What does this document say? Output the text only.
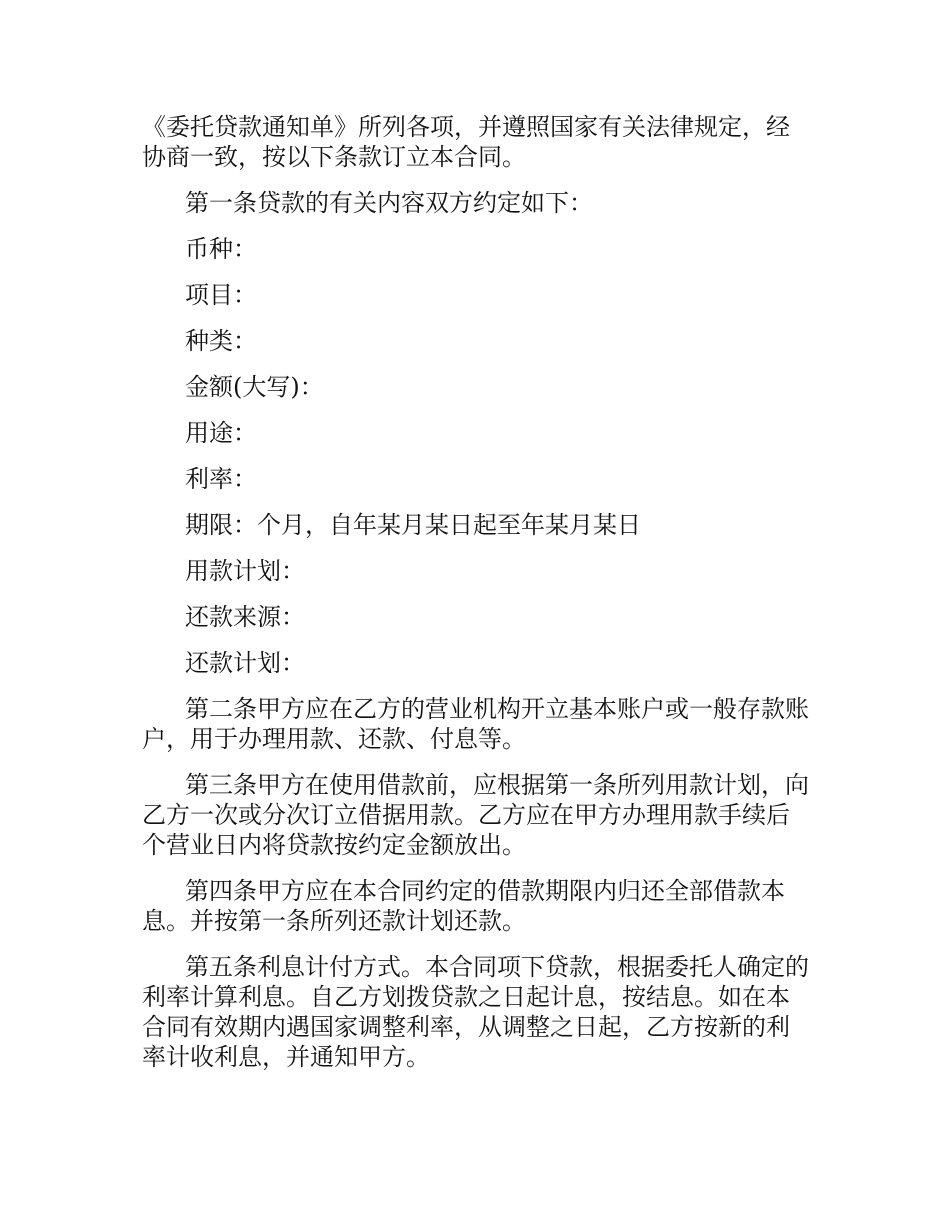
《委托贷款通知单》所列各项，并遵照国家有关法律规定，经协商一致，按以下条款订立本合同。

第一条贷款的有关内容双方约定如下：

币种：

项目：

种类：

金额(大写)：

用途：

利率：

期限：个月，自年某月某日起至年某月某日

用款计划：

还款来源：

还款计划：

第二条甲方应在乙方的营业机构开立基本账户或一般存款账户，用于办理用款、还款、付息等。

第三条甲方在使用借款前，应根据第一条所列用款计划，向乙方一次或分次订立借据用款。乙方应在甲方办理用款手续后个营业日内将贷款按约定金额放出。

第四条甲方应在本合同约定的借款期限内归还全部借款本息。并按第一条所列还款计划还款。

第五条利息计付方式。本合同项下贷款，根据委托人确定的利率计算利息。自乙方划拨贷款之日起计息，按结息。如在本合同有效期内遇国家调整利率，从调整之日起，乙方按新的利率计收利息，并通知甲方。
